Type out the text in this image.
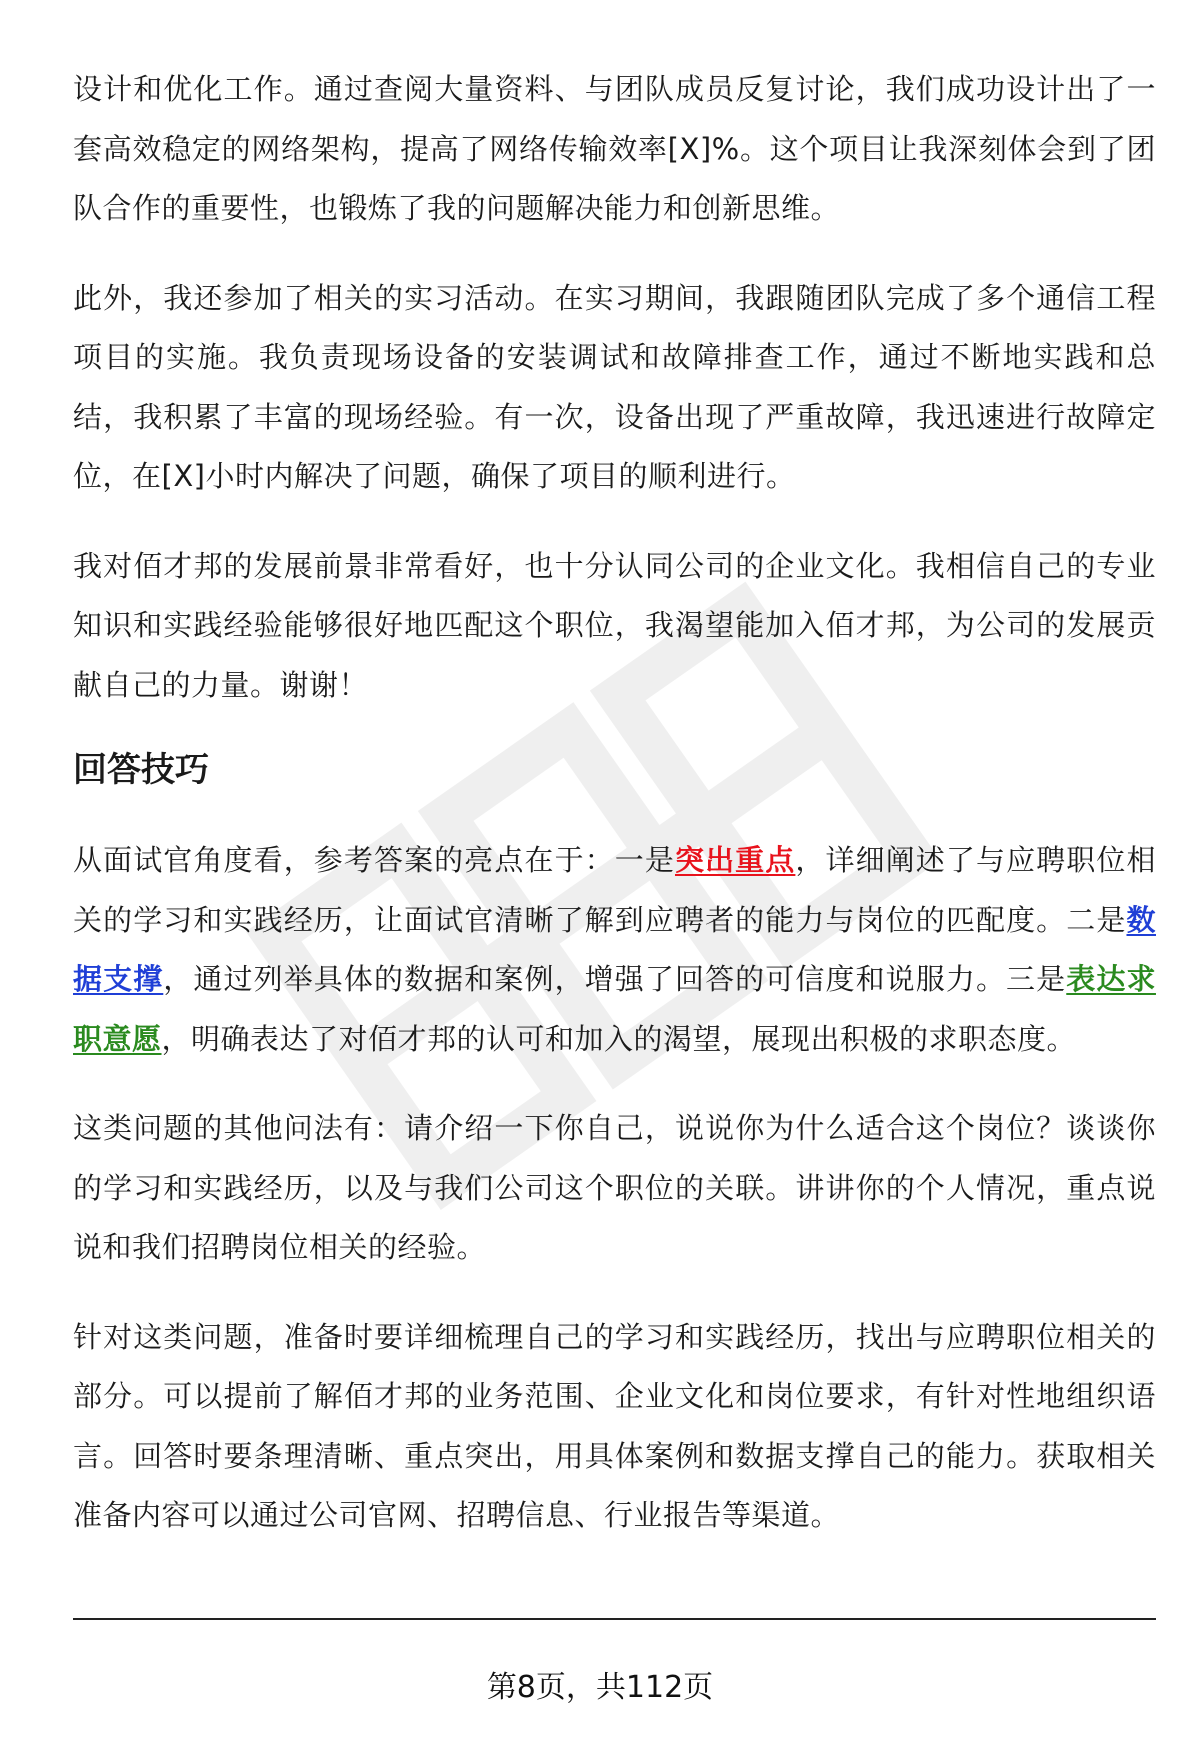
设计和优化工作。通过查阅大量资料、与团队成员反复讨论，我们成功设计出了一套高效稳定的网络架构，提高了网络传输效率[X]%。这个项目让我深刻体会到了团队合作的重要性，也锻炼了我的问题解决能力和创新思维。

此外，我还参加了相关的实习活动。在实习期间，我跟随团队完成了多个通信工程项目的实施。我负责现场设备的安装调试和故障排查工作，通过不断地实践和总结，我积累了丰富的现场经验。有一次，设备出现了严重故障，我迅速进行故障定位，在[X]小时内解决了问题，确保了项目的顺利进行。

我对佰才邦的发展前景非常看好，也十分认同公司的企业文化。我相信自己的专业知识和实践经验能够很好地匹配这个职位，我渴望能加入佰才邦，为公司的发展贡献自己的力量。谢谢！

回答技巧

从面试官角度看，参考答案的亮点在于：一是突出重点，详细阐述了与应聘职位相关的学习和实践经历，让面试官清晰了解到应聘者的能力与岗位的匹配度。二是数据支撑，通过列举具体的数据和案例，增强了回答的可信度和说服力。三是表达求职意愿，明确表达了对佰才邦的认可和加入的渴望，展现出积极的求职态度。

这类问题的其他问法有：请介绍一下你自己，说说你为什么适合这个岗位？谈谈你的学习和实践经历，以及与我们公司这个职位的关联。讲讲你的个人情况，重点说说和我们招聘岗位相关的经验。

针对这类问题，准备时要详细梳理自己的学习和实践经历，找出与应聘职位相关的部分。可以提前了解佰才邦的业务范围、企业文化和岗位要求，有针对性地组织语言。回答时要条理清晰、重点突出，用具体案例和数据支撑自己的能力。获取相关准备内容可以通过公司官网、招聘信息、行业报告等渠道。

第8页，共112页
